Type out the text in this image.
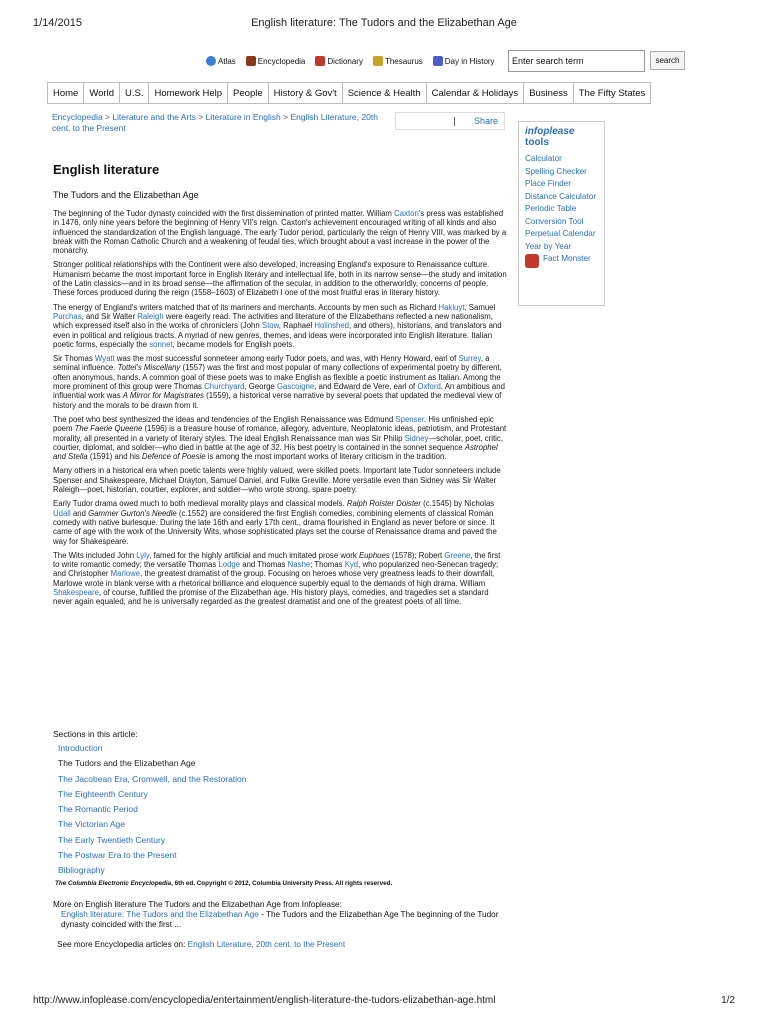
1/14/2015	English literature: The Tudors and the Elizabethan Age
Atlas	Encyclopedia	Dictionary	Thesaurus	Day in History
Enter search term	search
Home	World	U.S.	Homework Help	People	History & Gov't	Science & Health	Calendar & Holidays	Business	The Fifty States
Encyclopedia > Literature and the Arts > Literature in English > English Literature, 20th cent. to the Present
Share
infoplease tools
Calculator
Spelling Checker
Place Finder
Distance Calculator
Periodic Table
Conversion Tool
Perpetual Calendar
Year by Year
Fact Monster
English literature
The Tudors and the Elizabethan Age

The beginning of the Tudor dynasty coincided with the first dissemination of printed matter. William Caxton's press was established in 1476, only nine years before the beginning of Henry VII's reign. Caxton's achievement encouraged writing of all kinds and also influenced the standardization of the English language. The early Tudor period, particularly the reign of Henry VIII, was marked by a break with the Roman Catholic Church and a weakening of feudal ties, which brought about a vast increase in the power of the monarchy.

Stronger political relationships with the Continent were also developed, increasing England's exposure to Renaissance culture. Humanism became the most important force in English literary and intellectual life, both in its narrow sense—the study and imitation of the Latin classics—and in its broad sense—the affirmation of the secular, in addition to the otherworldly, concerns of people. These forces produced during the reign (1558–1603) of Elizabeth I one of the most fruitful eras in literary history.

The energy of England's writers matched that of its mariners and merchants. Accounts by men such as Richard Hakluyt, Samuel Purchas, and Sir Walter Raleigh were eagerly read. The activities and literature of the Elizabethans reflected a new nationalism, which expressed itself also in the works of chroniclers (John Stow, Raphael Holinshed, and others), historians, and translators and even in political and religious tracts. A myriad of new genres, themes, and ideas were incorporated into English literature. Italian poetic forms, especially the sonnet, became models for English poets.

Sir Thomas Wyatt was the most successful sonneteer among early Tudor poets, and was, with Henry Howard, earl of Surrey, a seminal influence. Tottel's Miscellany (1557) was the first and most popular of many collections of experimental poetry by different, often anonymous, hands. A common goal of these poets was to make English as flexible a poetic instrument as Italian. Among the more prominent of this group were Thomas Churchyard, George Gascoigne, and Edward de Vere, earl of Oxford. An ambitious and influential work was A Mirror for Magistrates (1559), a historical verse narrative by several poets that updated the medieval view of history and the morals to be drawn from it.

The poet who best synthesized the ideas and tendencies of the English Renaissance was Edmund Spenser. His unfinished epic poem The Faerie Queene (1596) is a treasure house of romance, allegory, adventure, Neoplatonic ideas, patriotism, and Protestant morality, all presented in a variety of literary styles. The ideal English Renaissance man was Sir Philip Sidney—scholar, poet, critic, courtier, diplomat, and soldier—who died in battle at the age of 32. His best poetry is contained in the sonnet sequence Astrophel and Stella (1591) and his Defence of Poesie is among the most important works of literary criticism in the tradition.

Many others in a historical era when poetic talents were highly valued, were skilled poets. Important late Tudor sonneteers include Spenser and Shakespeare, Michael Drayton, Samuel Daniel, and Fulke Greville. More versatile even than Sidney was Sir Walter Raleigh—poet, historian, courtier, explorer, and soldier—who wrote strong, spare poetry.

Early Tudor drama owed much to both medieval morality plays and classical models. Ralph Roister Doister (c.1545) by Nicholas Udall and Gammer Gurton's Needle (c.1552) are considered the first English comedies, combining elements of classical Roman comedy with native burlesque. During the late 16th and early 17th cent., drama flourished in England as never before or since. It came of age with the work of the University Wits, whose sophisticated plays set the course of Renaissance drama and paved the way for Shakespeare.

The Wits included John Lyly, famed for the highly artificial and much imitated prose work Euphues (1578); Robert Greene, the first to write romantic comedy; the versatile Thomas Lodge and Thomas Nashe; Thomas Kyd, who popularized neo-Senecan tragedy; and Christopher Marlowe, the greatest dramatist of the group. Focusing on heroes whose very greatness leads to their downfall, Marlowe wrote in blank verse with a rhetorical brilliance and eloquence superbly equal to the demands of high drama. William Shakespeare, of course, fulfilled the promise of the Elizabethan age. His history plays, comedies, and tragedies set a standard never again equaled, and he is universally regarded as the greatest dramatist and one of the greatest poets of all time.

Sections in this article:
Introduction
The Tudors and the Elizabethan Age
The Jacobean Era, Cromwell, and the Restoration
The Eighteenth Century
The Romantic Period
The Victorian Age
The Early Twentieth Century
The Postwar Era to the Present
Bibliography
The Columbia Electronic Encyclopedia, 6th ed. Copyright © 2012, Columbia University Press. All rights reserved.
More on English literature The Tudors and the Elizabethan Age from Infoplease:
English literature: The Tudors and the Elizabethan Age - The Tudors and the Elizabethan Age The beginning of the Tudor dynasty coincided with the first ...
See more Encyclopedia articles on: English Literature, 20th cent. to the Present
http://www.infoplease.com/encyclopedia/entertainment/english-literature-the-tudors-elizabethan-age.html	1/2
